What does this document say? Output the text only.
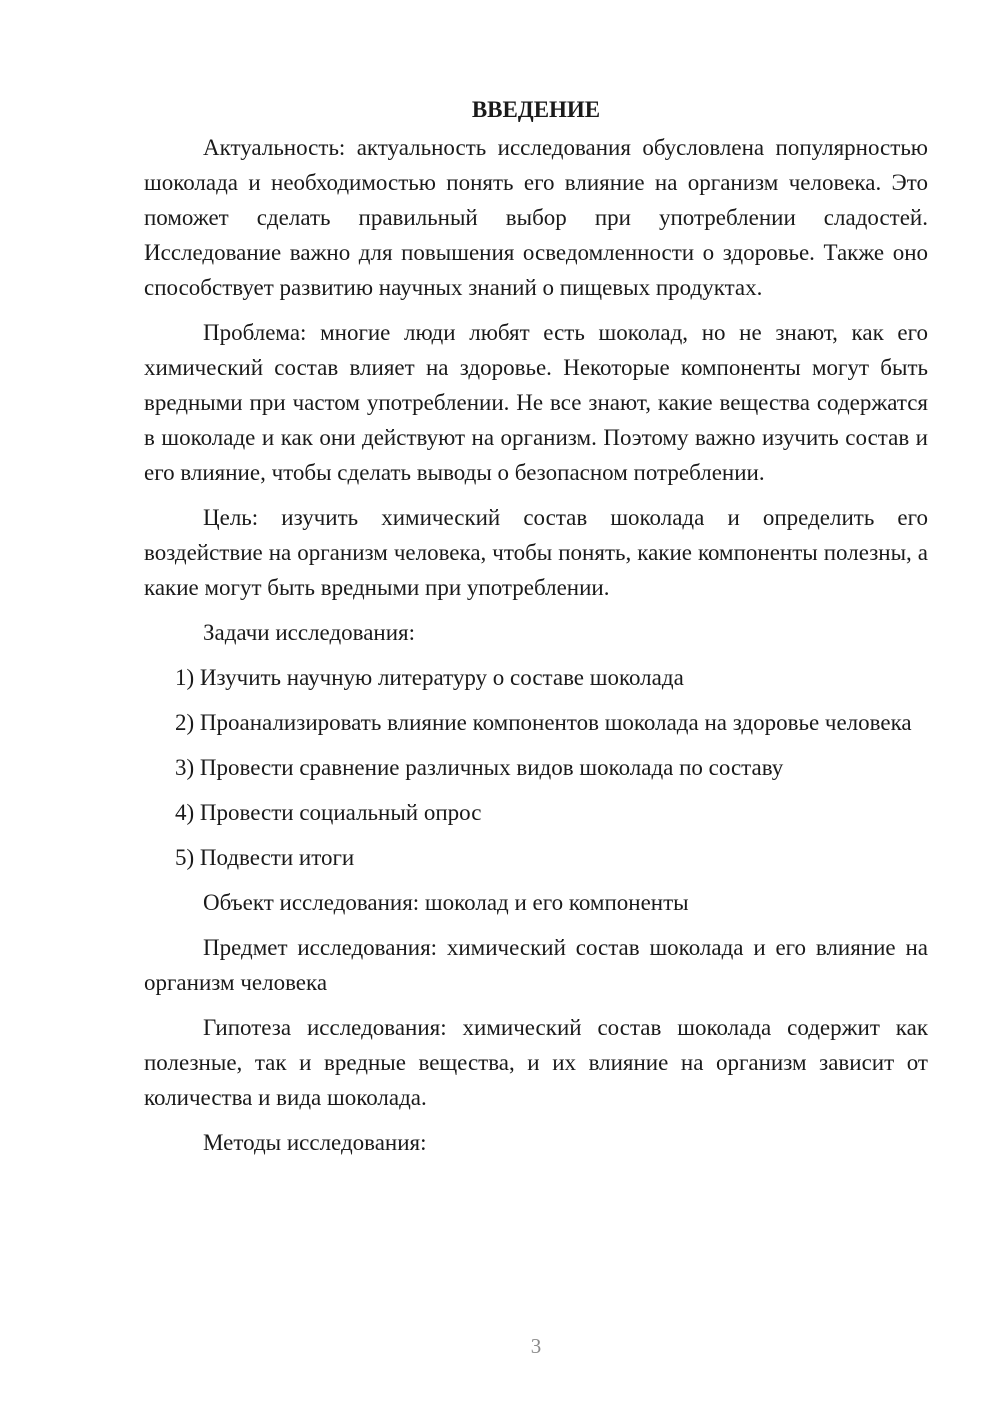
ВВЕДЕНИЕ

Актуальность: актуальность исследования обусловлена популярностью шоколада и необходимостью понять его влияние на организм человека. Это поможет сделать правильный выбор при употреблении сладостей. Исследование важно для повышения осведомленности о здоровье. Также оно способствует развитию научных знаний о пищевых продуктах.

Проблема: многие люди любят есть шоколад, но не знают, как его химический состав влияет на здоровье. Некоторые компоненты могут быть вредными при частом употреблении. Не все знают, какие вещества содержатся в шоколаде и как они действуют на организм. Поэтому важно изучить состав и его влияние, чтобы сделать выводы о безопасном потреблении.

Цель: изучить химический состав шоколада и определить его воздействие на организм человека, чтобы понять, какие компоненты полезны, а какие могут быть вредными при употреблении.

Задачи исследования:

1) Изучить научную литературу о составе шоколада

2) Проанализировать влияние компонентов шоколада на здоровье человека

3) Провести сравнение различных видов шоколада по составу

4) Провести социальный опрос

5) Подвести итоги

Объект исследования: шоколад и его компоненты

Предмет исследования: химический состав шоколада и его влияние на организм человека

Гипотеза исследования: химический состав шоколада содержит как полезные, так и вредные вещества, и их влияние на организм зависит от количества и вида шоколада.

Методы исследования:

3
